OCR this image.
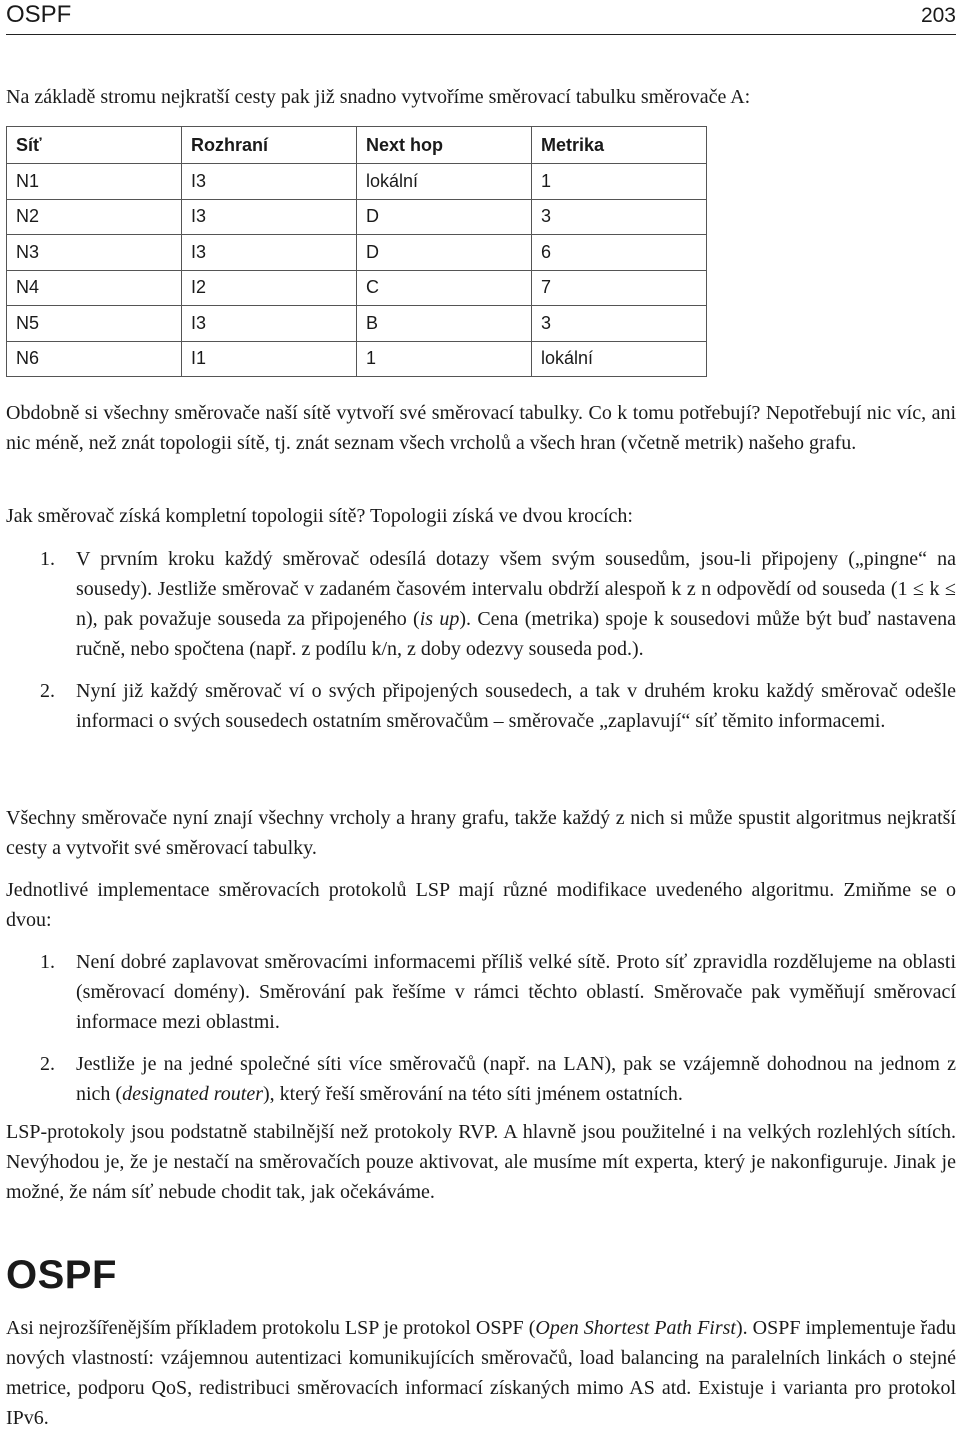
OSPF	203

Na základě stromu nejkratší cesty pak již snadno vytvoříme směrovací tabulku směrovače A:

Síť	Rozhraní	Next hop	Metrika
N1	I3	lokální	1
N2	I3	D	3
N3	I3	D	6
N4	I2	C	7
N5	I3	B	3
N6	I1	1	lokální

Obdobně si všechny směrovače naší sítě vytvoří své směrovací tabulky. Co k tomu potřebují? Nepotřebují nic víc, ani nic méně, než znát topologii sítě, tj. znát seznam všech vrcholů a všech hran (včetně metrik) našeho grafu.

Jak směrovač získá kompletní topologii sítě? Topologii získá ve dvou krocích:

1. V prvním kroku každý směrovač odesílá dotazy všem svým sousedům, jsou-li připojeny („pingne“ na sousedy). Jestliže směrovač v zadaném časovém intervalu obdrží alespoň k z n odpovědí od souseda (1 ≤ k ≤ n), pak považuje souseda za připojeného (is up). Cena (metrika) spoje k sousedovi může být buď nastavena ručně, nebo spočtena (např. z podílu k/n, z doby odezvy souseda pod.).
2. Nyní již každý směrovač ví o svých připojených sousedech, a tak v druhém kroku každý směrovač odešle informaci o svých sousedech ostatním směrovačům – směrovače „zaplavují“ síť těmito informacemi.

Všechny směrovače nyní znají všechny vrcholy a hrany grafu, takže každý z nich si může spustit algoritmus nejkratší cesty a vytvořit své směrovací tabulky.

Jednotlivé implementace směrovacích protokolů LSP mají různé modifikace uvedeného algoritmu. Zmiňme se o dvou:

1. Není dobré zaplavovat směrovacími informacemi příliš velké sítě. Proto síť zpravidla rozdělujeme na oblasti (směrovací domény). Směrování pak řešíme v rámci těchto oblastí. Směrovače pak vyměňují směrovací informace mezi oblastmi.
2. Jestliže je na jedné společné síti více směrovačů (např. na LAN), pak se vzájemně dohodnou na jednom z nich (designated router), který řeší směrování na této síti jménem ostatních.

LSP-protokoly jsou podstatně stabilnější než protokoly RVP. A hlavně jsou použitelné i na velkých rozlehlých sítích. Nevýhodou je, že je nestačí na směrovačích pouze aktivovat, ale musíme mít experta, který je nakonfiguruje. Jinak je možné, že nám síť nebude chodit tak, jak očekáváme.

OSPF

Asi nejrozšířenějším příkladem protokolu LSP je protokol OSPF (Open Shortest Path First). OSPF implementuje řadu nových vlastností: vzájemnou autentizaci komunikujících směrovačů, load balancing na paralelních linkách o stejné metrice, podporu QoS, redistribuci směrovacích informací získaných mimo AS atd. Existuje i varianta pro protokol IPv6.
